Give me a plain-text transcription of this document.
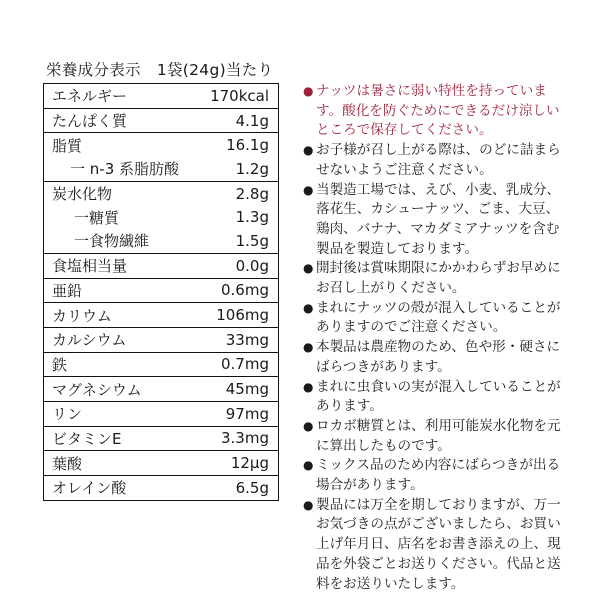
栄養成分表示 1袋(24g)当たり
エネルギー	170kcal
たんぱく質	4.1g
脂質	16.1g
一 n-3 系脂肪酸	1.2g
炭水化物	2.8g
一糖質	1.3g
一食物繊維	1.5g
食塩相当量	0.0g
亜鉛	0.6mg
カリウム	106mg
カルシウム	33mg
鉄	0.7mg
マグネシウム	45mg
リン	97mg
ビタミンE	3.3mg
葉酸	12μg
オレイン酸	6.5g
● ナッツは暑さに弱い特性を持っています。酸化を防ぐためにできるだけ涼しいところで保存してください。
● お子様が召し上がる際は、のどに詰まらせないようご注意ください。
● 当製造工場では、えび、小麦、乳成分、落花生、カシューナッツ、ごま、大豆、鶏肉、バナナ、マカダミアナッツを含む製品を製造しております。
● 開封後は賞味期限にかかわらずお早めにお召し上がりください。
● まれにナッツの殻が混入していることがありますのでご注意ください。
● 本製品は農産物のため、色や形・硬さにばらつきがあります。
● まれに虫食いの実が混入していることがあります。
● ロカボ糖質とは、利用可能炭水化物を元に算出したものです。
● ミックス品のため内容にばらつきが出る場合があります。
● 製品には万全を期しておりますが、万一お気づきの点がございましたら、お買い上げ年月日、店名をお書き添えの上、現品を外袋ごとお送りください。代品と送料をお送りいたします。
